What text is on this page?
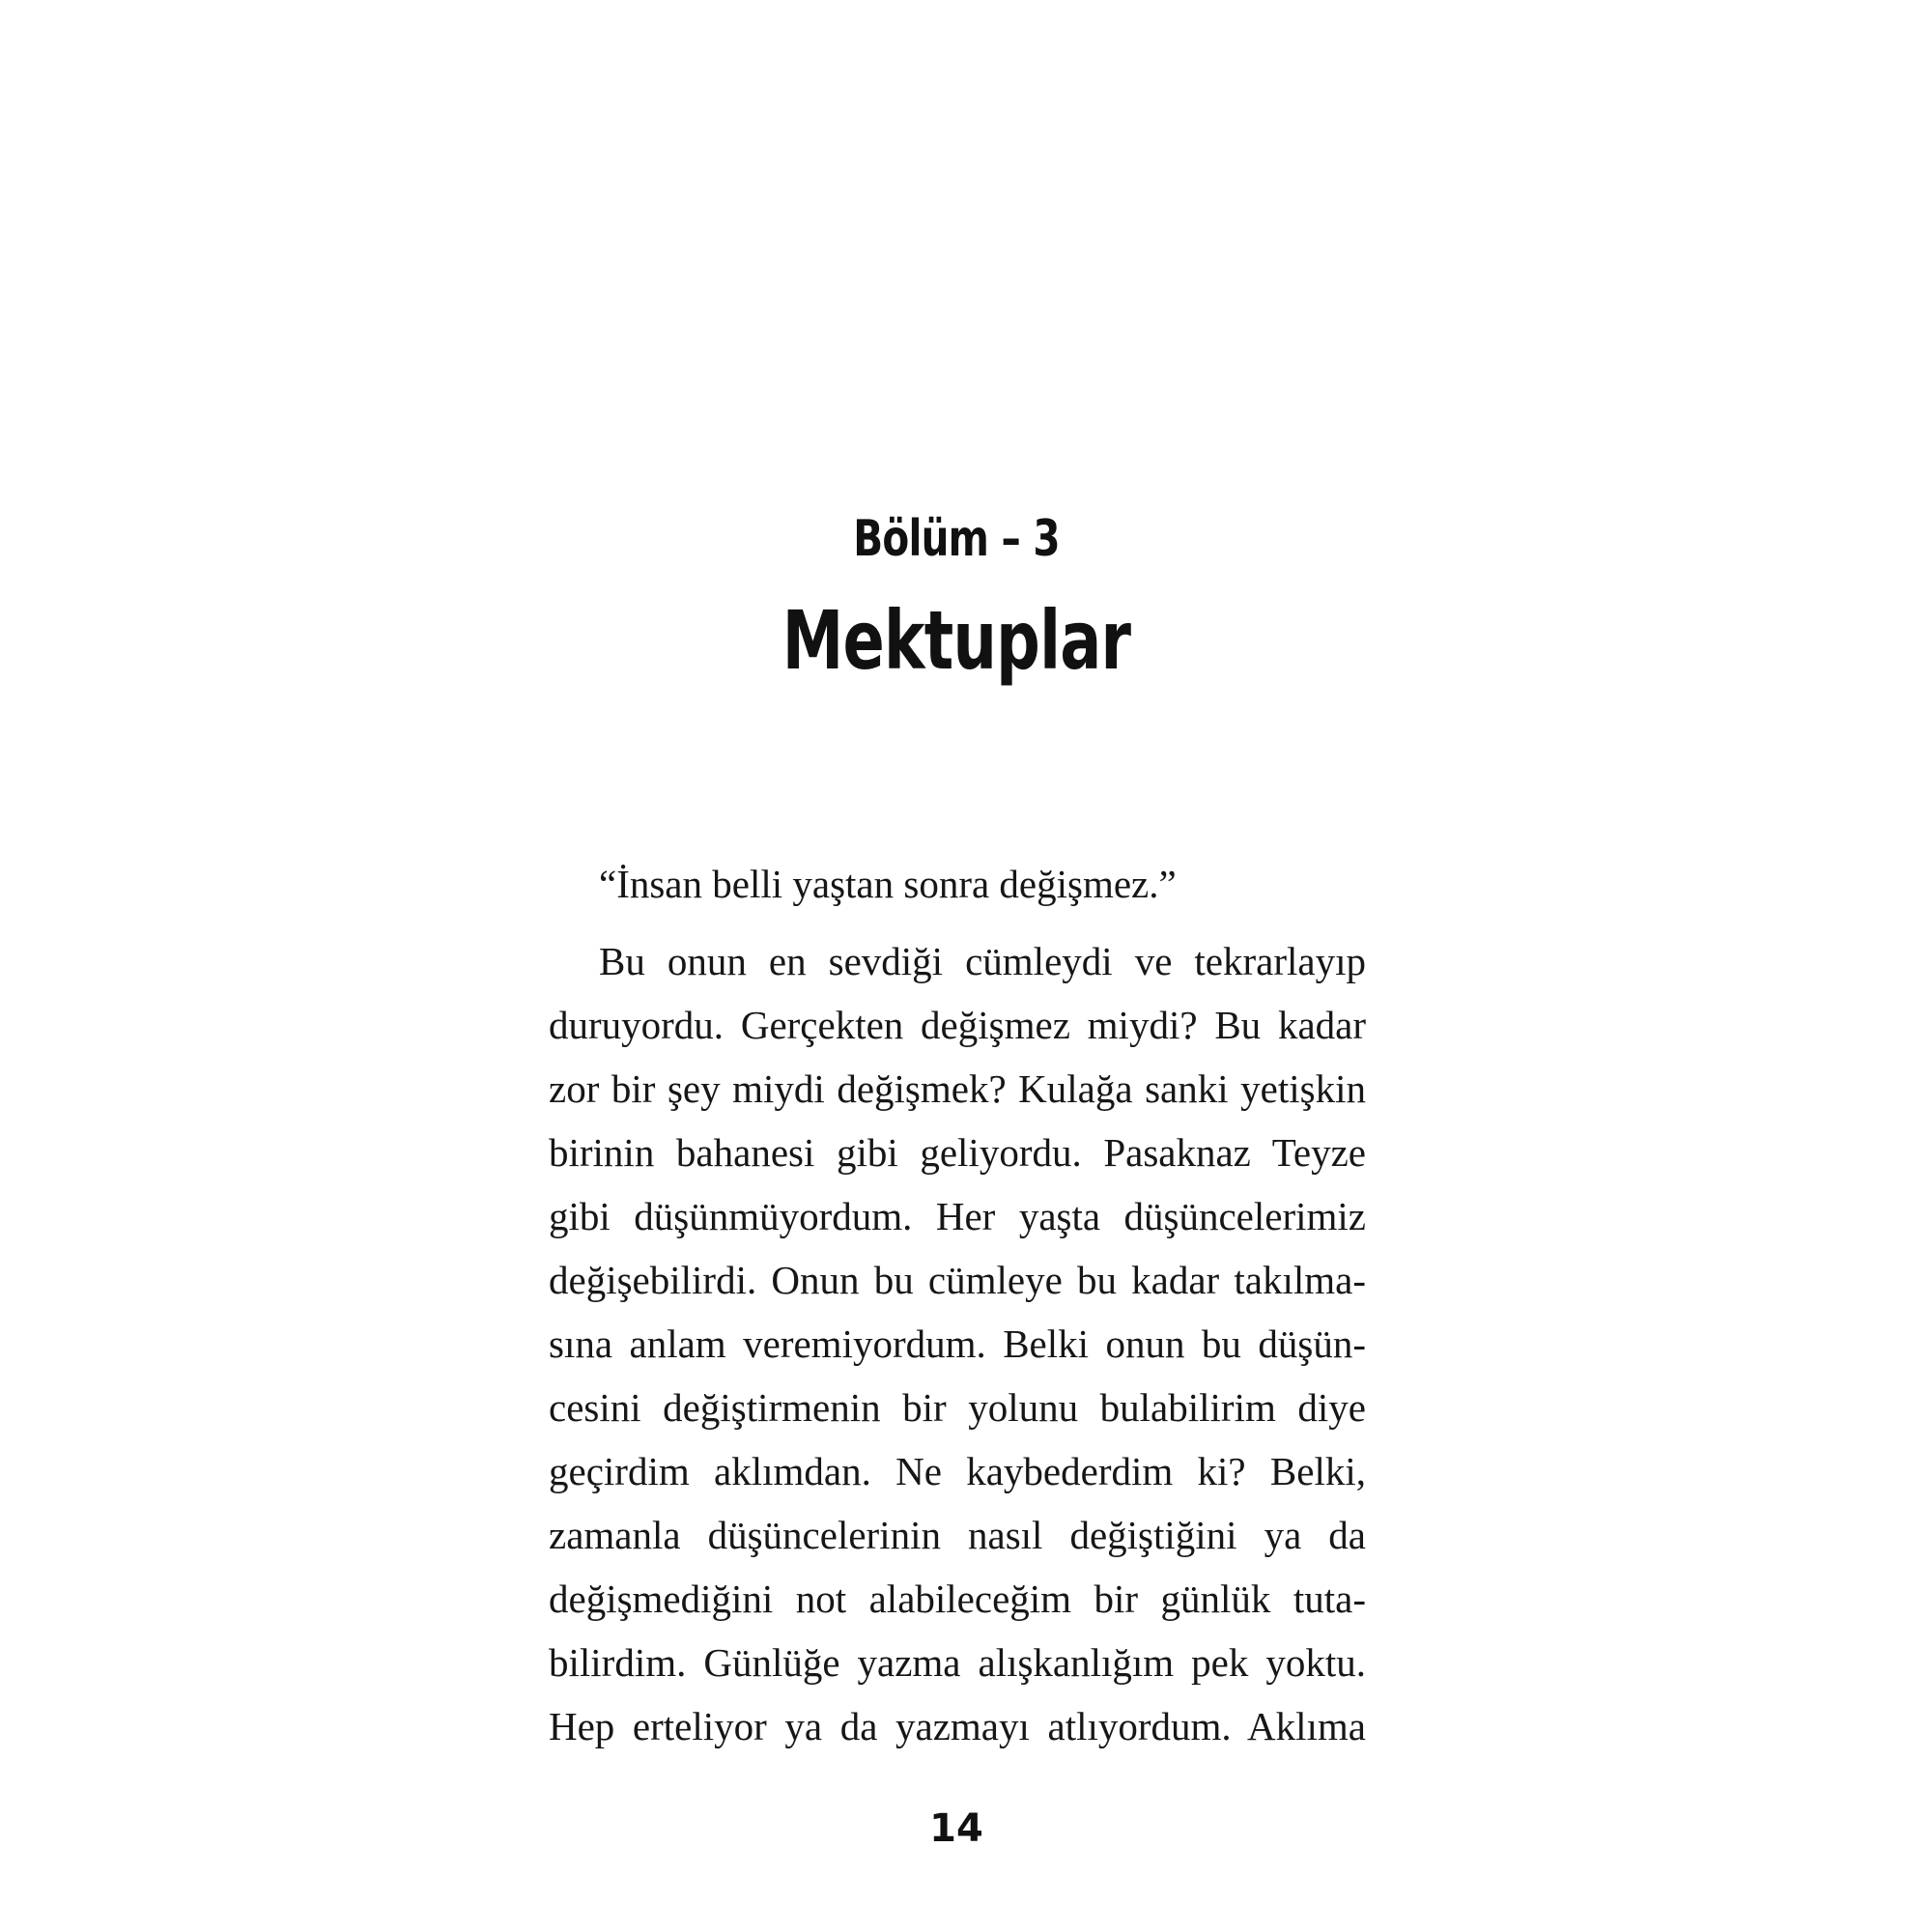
Bölüm – 3
Mektuplar
“İnsan belli yaştan sonra değişmez.”
Bu onun en sevdiği cümleydi ve tekrarlayıp
duruyordu. Gerçekten değişmez miydi? Bu kadar
zor bir şey miydi değişmek? Kulağa sanki yetişkin
birinin bahanesi gibi geliyordu. Pasaknaz Teyze
gibi düşünmüyordum. Her yaşta düşüncelerimiz
değişebilirdi. Onun bu cümleye bu kadar takılma-
sına anlam veremiyordum. Belki onun bu düşün-
cesini değiştirmenin bir yolunu bulabilirim diye
geçirdim aklımdan. Ne kaybederdim ki? Belki,
zamanla düşüncelerinin nasıl değiştiğini ya da
değişmediğini not alabileceğim bir günlük tuta-
bilirdim. Günlüğe yazma alışkanlığım pek yoktu.
Hep erteliyor ya da yazmayı atlıyordum. Aklıma
14
